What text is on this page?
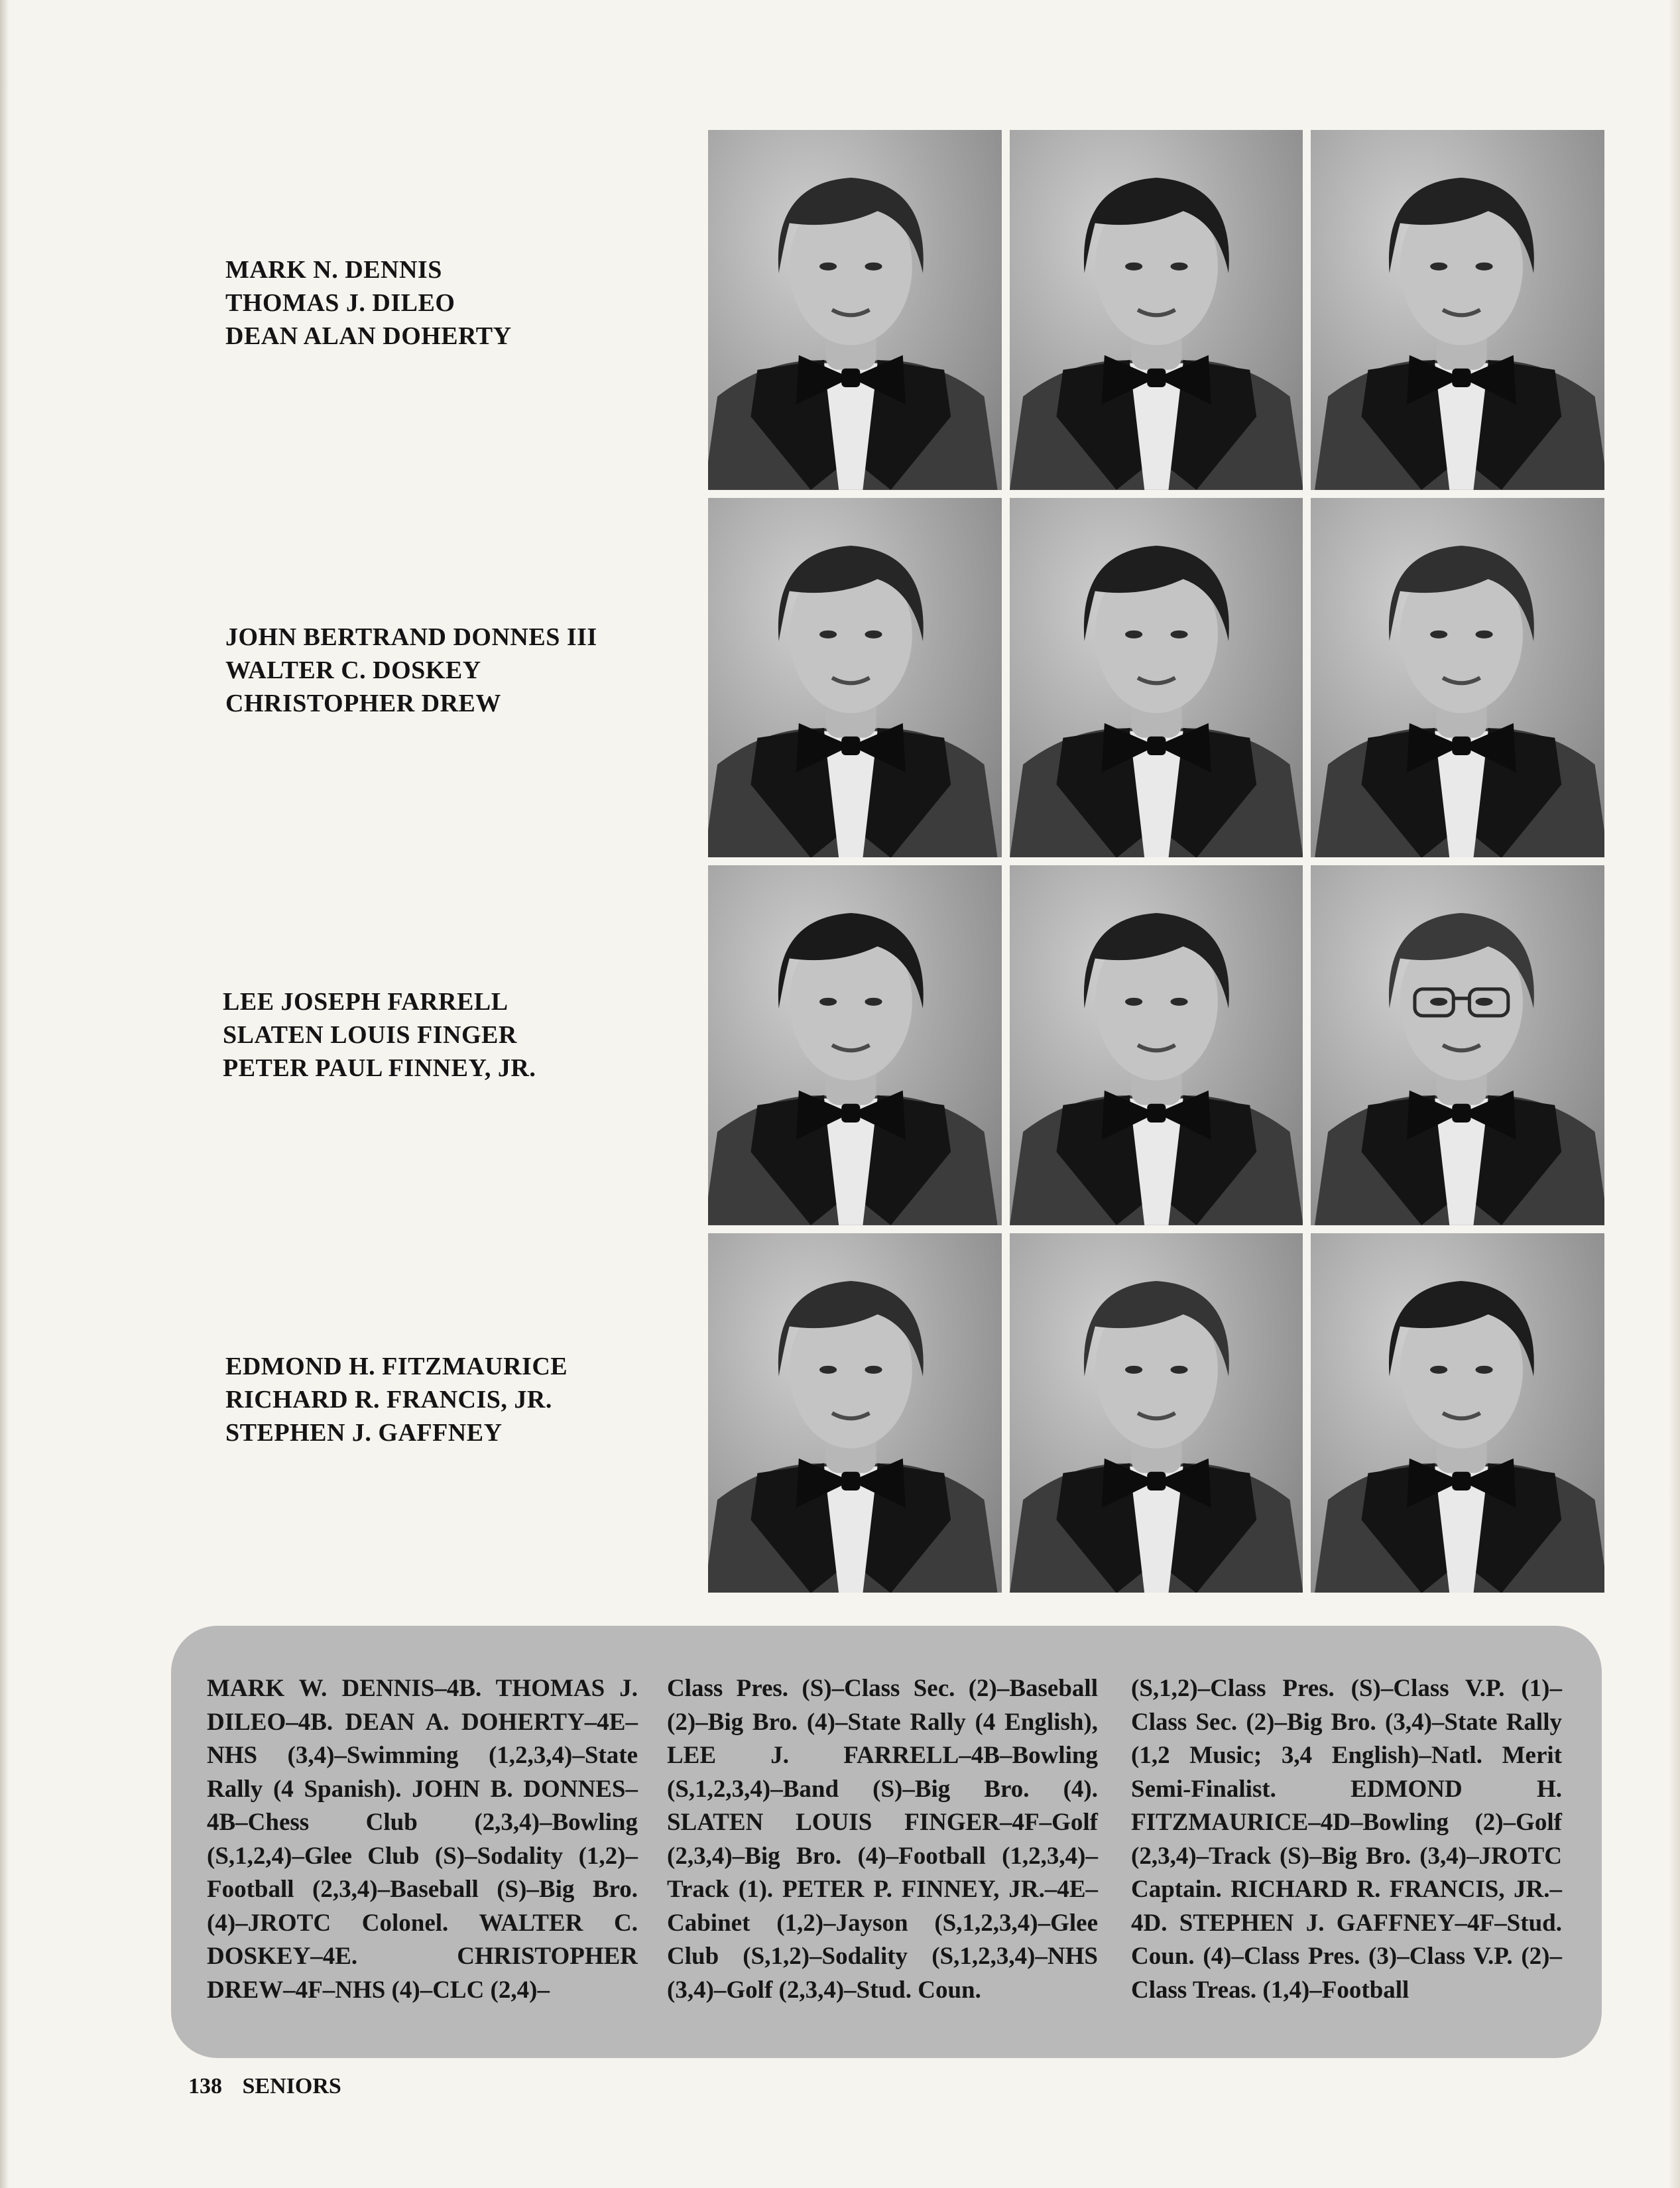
MARK N. DENNIS
THOMAS J. DILEO
DEAN ALAN DOHERTY
JOHN BERTRAND DONNES III
WALTER C. DOSKEY
CHRISTOPHER DREW
LEE JOSEPH FARRELL
SLATEN LOUIS FINGER
PETER PAUL FINNEY, JR.
EDMOND H. FITZMAURICE
RICHARD R. FRANCIS, JR.
STEPHEN J. GAFFNEY
MARK W. DENNIS–4B. THOMAS J. DILEO–4B. DEAN A. DOHERTY–4E–NHS (3,4)–Swimming (1,2,3,4)–State Rally (4 Spanish). JOHN B. DONNES–4B–Chess Club (2,3,4)–Bowling (S,1,2,4)–Glee Club (S)–Sodality (1,2)–Football (2,3,4)–Baseball (S)–Big Bro. (4)–JROTC Colonel. WALTER C. DOSKEY–4E. CHRISTOPHER DREW–4F–NHS (4)–CLC (2,4)–
Class Pres. (S)–Class Sec. (2)–Baseball (2)–Big Bro. (4)–State Rally (4 English), LEE J. FARRELL–4B–Bowling (S,1,2,3,4)–Band (S)–Big Bro. (4). SLATEN LOUIS FINGER–4F–Golf (2,3,4)–Big Bro. (4)–Football (1,2,3,4)–Track (1). PETER P. FINNEY, JR.–4E–Cabinet (1,2)–Jayson (S,1,2,3,4)–Glee Club (S,1,2)–Sodality (S,1,2,3,4)–NHS (3,4)–Golf (2,3,4)–Stud. Coun.
(S,1,2)–Class Pres. (S)–Class V.P. (1)–Class Sec. (2)–Big Bro. (3,4)–State Rally (1,2 Music; 3,4 English)–Natl. Merit Semi-Finalist. EDMOND H. FITZMAURICE–4D–Bowling (2)–Golf (2,3,4)–Track (S)–Big Bro. (3,4)–JROTC Captain. RICHARD R. FRANCIS, JR.–4D. STEPHEN J. GAFFNEY–4F–Stud. Coun. (4)–Class Pres. (3)–Class V.P. (2)–Class Treas. (1,4)–Football
138 SENIORS
